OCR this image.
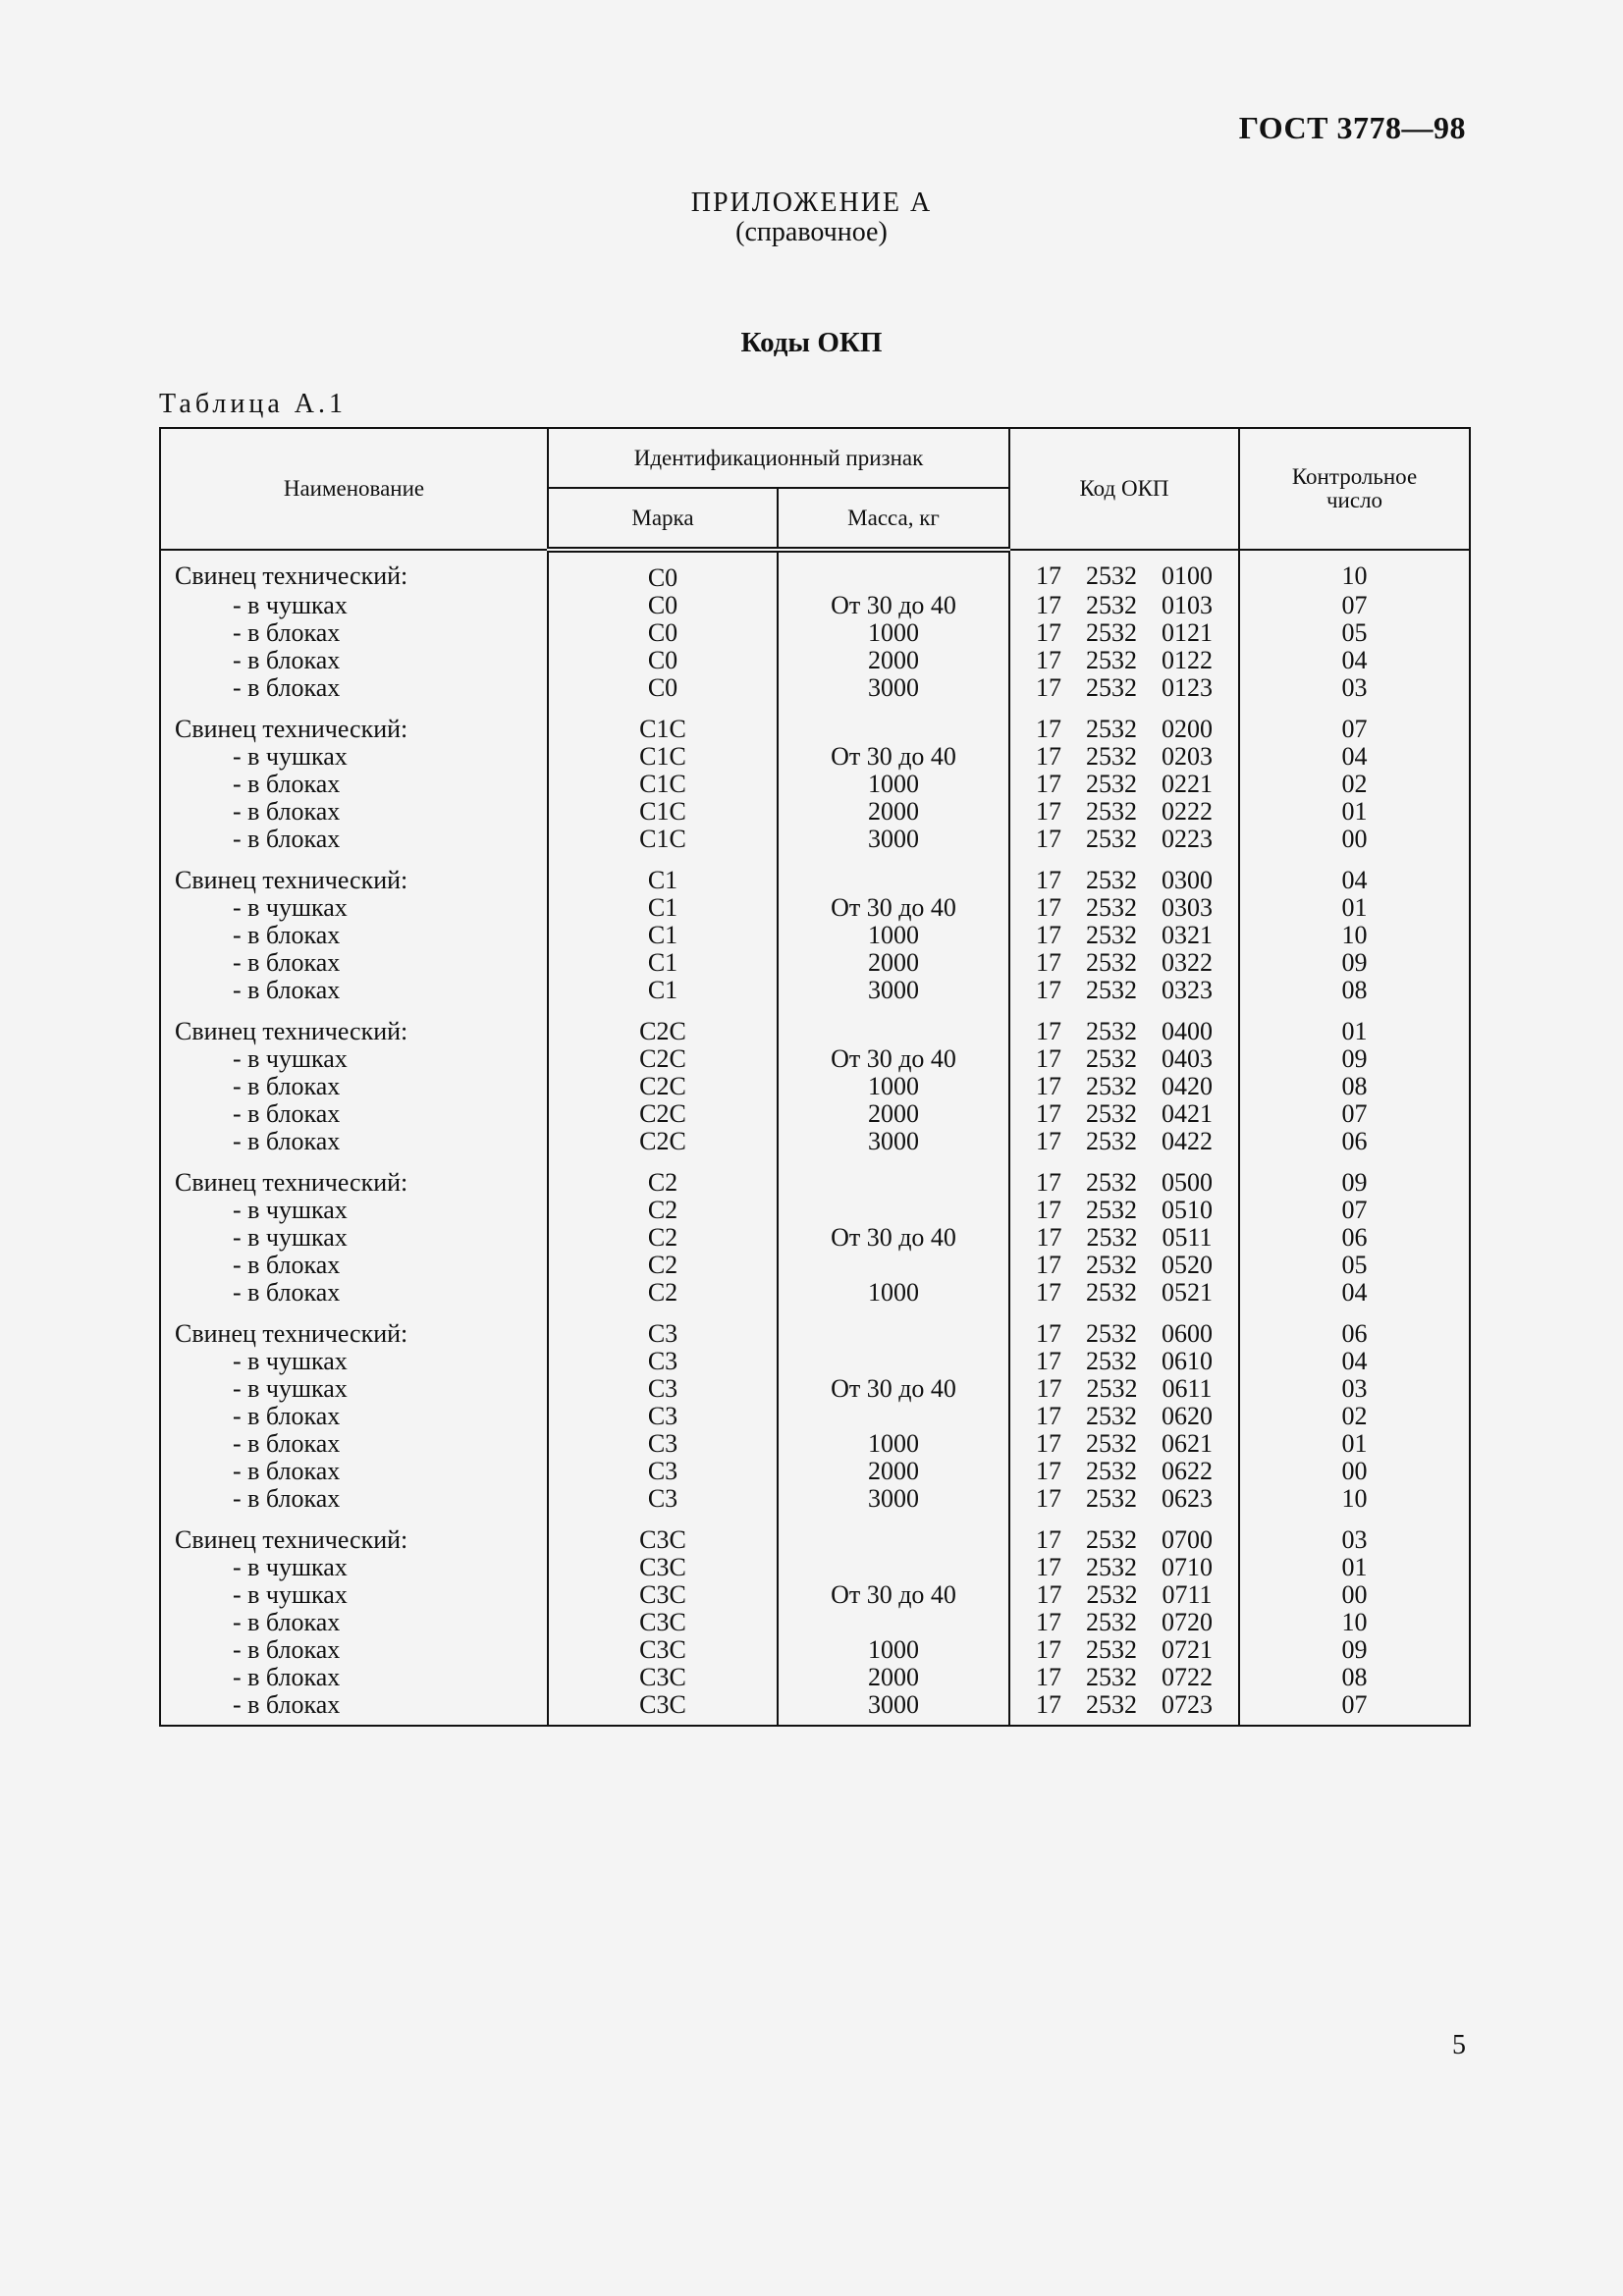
ГОСТ 3778—98
ПРИЛОЖЕНИЕ А
(справочное)
Коды ОКП
Таблица А.1
Наименование	Идентификационный признак		Код ОКП	Контрольное число
	Марка	Масса, кг		
Свинец технический:	С0		17  2532  0100	10
- в чушках	С0	От 30 до 40	17  2532  0103	07
- в блоках	С0	1000	17  2532  0121	05
- в блоках	С0	2000	17  2532  0122	04
- в блоках	С0	3000	17  2532  0123	03
Свинец технический:	С1С		17  2532  0200	07
- в чушках	С1С	От 30 до 40	17  2532  0203	04
- в блоках	С1С	1000	17  2532  0221	02
- в блоках	С1С	2000	17  2532  0222	01
- в блоках	С1С	3000	17  2532  0223	00
Свинец технический:	С1		17  2532  0300	04
- в чушках	С1	От 30 до 40	17  2532  0303	01
- в блоках	С1	1000	17  2532  0321	10
- в блоках	С1	2000	17  2532  0322	09
- в блоках	С1	3000	17  2532  0323	08
Свинец технический:	С2С		17  2532  0400	01
- в чушках	С2С	От 30 до 40	17  2532  0403	09
- в блоках	С2С	1000	17  2532  0420	08
- в блоках	С2С	2000	17  2532  0421	07
- в блоках	С2С	3000	17  2532  0422	06
Свинец технический:	С2		17  2532  0500	09
- в чушках	С2		17  2532  0510	07
- в чушках	С2	От 30 до 40	17  2532  0511	06
- в блоках	С2		17  2532  0520	05
- в блоках	С2	1000	17  2532  0521	04
Свинец технический:	С3		17  2532  0600	06
- в чушках	С3		17  2532  0610	04
- в чушках	С3	От 30 до 40	17  2532  0611	03
- в блоках	С3		17  2532  0620	02
- в блоках	С3	1000	17  2532  0621	01
- в блоках	С3	2000	17  2532  0622	00
- в блоках	С3	3000	17  2532  0623	10
Свинец технический:	С3С		17  2532  0700	03
- в чушках	С3С		17  2532  0710	01
- в чушках	С3С	От 30 до 40	17  2532  0711	00
- в блоках	С3С		17  2532  0720	10
- в блоках	С3С	1000	17  2532  0721	09
- в блоках	С3С	2000	17  2532  0722	08
- в блоках	С3С	3000	17  2532  0723	07
5
